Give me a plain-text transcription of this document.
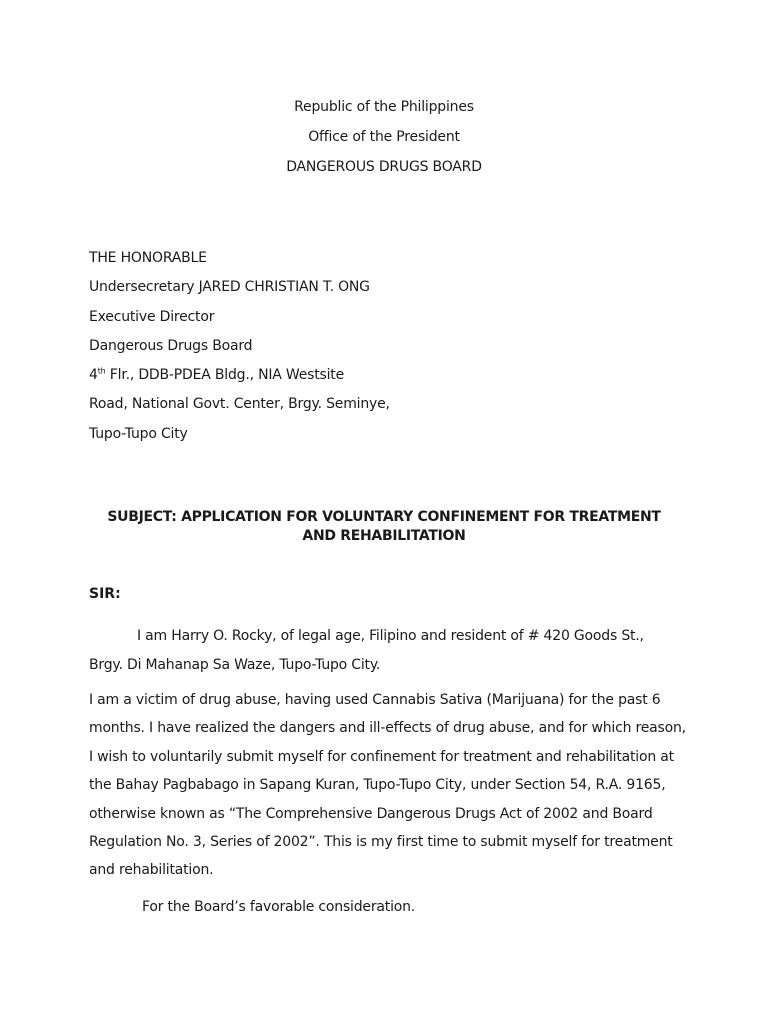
Republic of the Philippines
Office of the President
DANGEROUS DRUGS BOARD
THE HONORABLE
Undersecretary JARED CHRISTIAN T. ONG
Executive Director
Dangerous Drugs Board
4th Flr., DDB-PDEA Bldg., NIA Westsite
Road, National Govt. Center, Brgy. Seminye,
Tupo-Tupo City
SUBJECT: APPLICATION FOR VOLUNTARY CONFINEMENT FOR TREATMENT
AND REHABILITATION
SIR:
I am Harry O. Rocky, of legal age, Filipino and resident of # 420 Goods St.,
Brgy. Di Mahanap Sa Waze, Tupo-Tupo City.
I am a victim of drug abuse, having used Cannabis Sativa (Marijuana) for the past 6
months. I have realized the dangers and ill-effects of drug abuse, and for which reason,
I wish to voluntarily submit myself for confinement for treatment and rehabilitation at
the Bahay Pagbabago in Sapang Kuran, Tupo-Tupo City, under Section 54, R.A. 9165,
otherwise known as “The Comprehensive Dangerous Drugs Act of 2002 and Board
Regulation No. 3, Series of 2002”. This is my first time to submit myself for treatment
and rehabilitation.
For the Board’s favorable consideration.
